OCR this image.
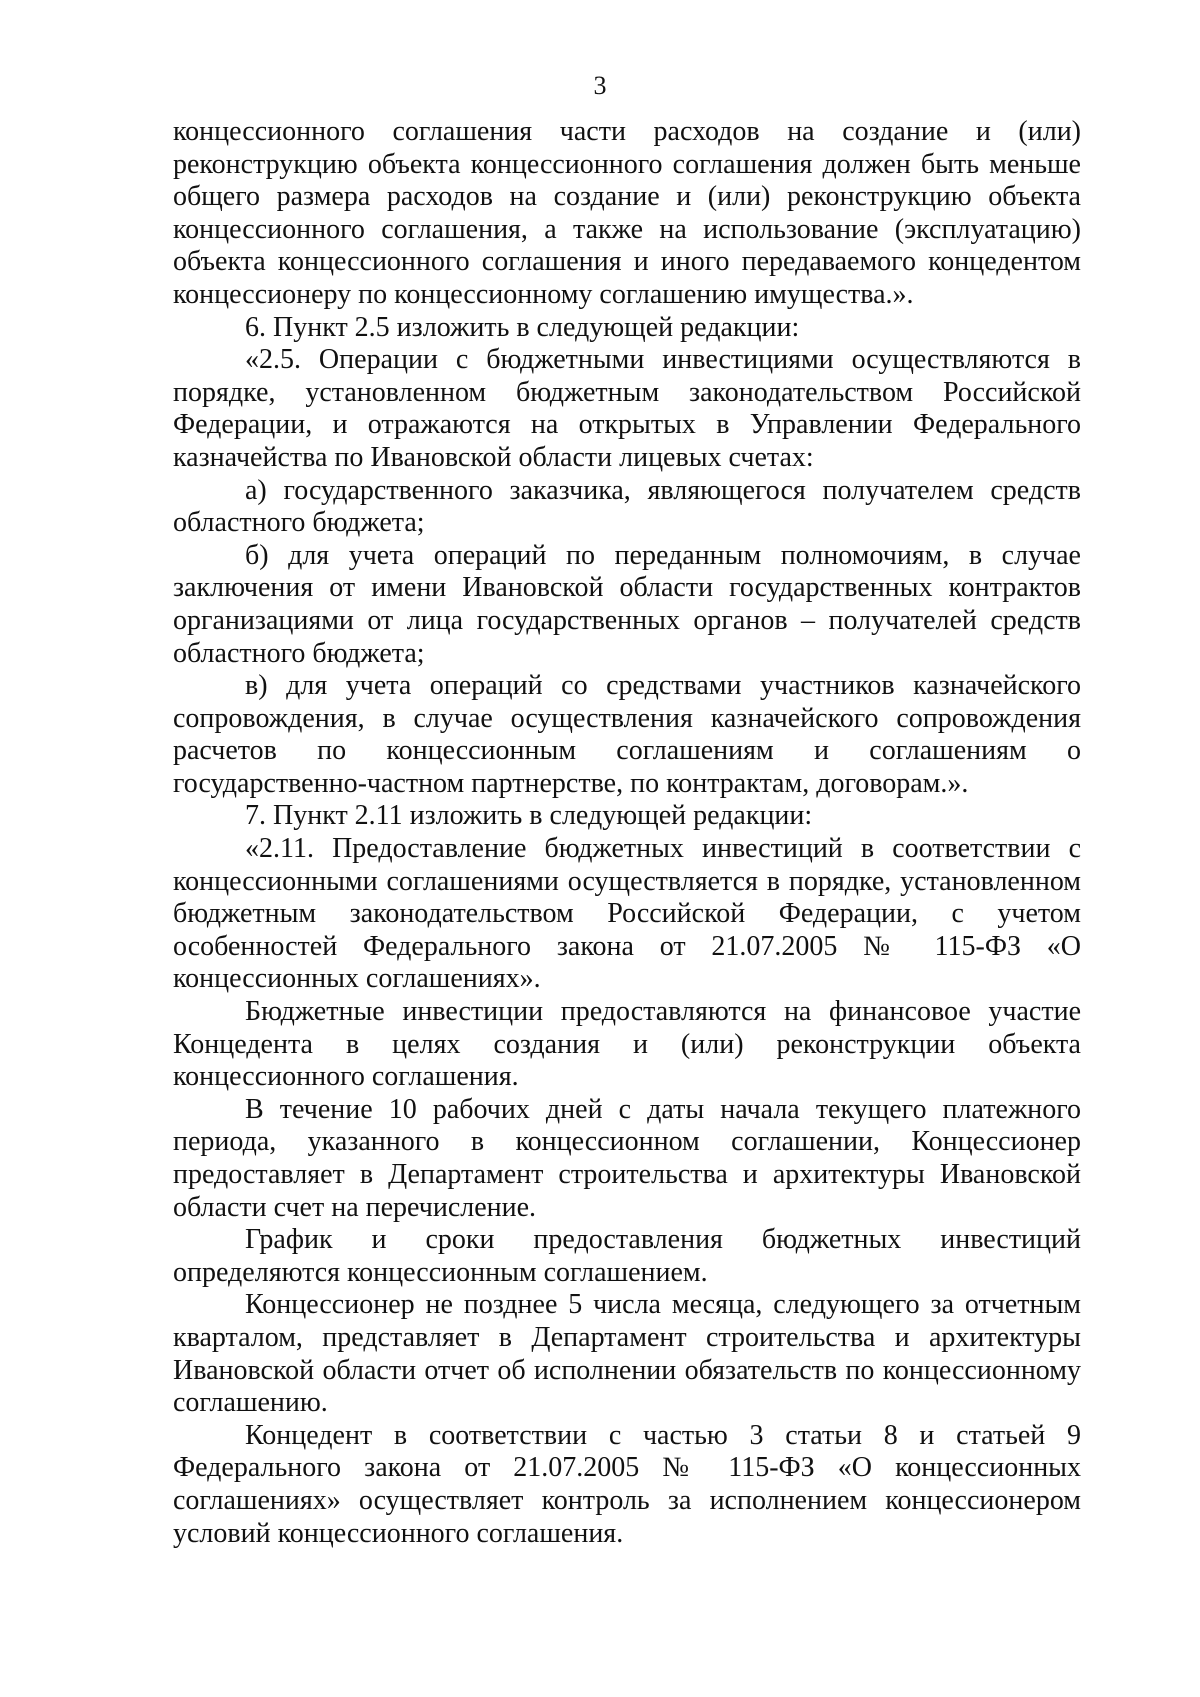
3

концессионного соглашения части расходов на создание и (или) реконструкцию объекта концессионного соглашения должен быть меньше общего размера расходов на создание и (или) реконструкцию объекта концессионного соглашения, а также на использование (эксплуатацию) объекта концессионного соглашения и иного передаваемого концедентом концессионеру по концессионному соглашению имущества.».

6. Пункт 2.5 изложить в следующей редакции:

«2.5. Операции с бюджетными инвестициями осуществляются в порядке, установленном бюджетным законодательством Российской Федерации, и отражаются на открытых в Управлении Федерального казначейства по Ивановской области лицевых счетах:

а) государственного заказчика, являющегося получателем средств областного бюджета;

б) для учета операций по переданным полномочиям, в случае заключения от имени Ивановской области государственных контрактов организациями от лица государственных органов – получателей средств областного бюджета;

в) для учета операций со средствами участников казначейского сопровождения, в случае осуществления казначейского сопровождения расчетов по концессионным соглашениям и соглашениям о государственно-частном партнерстве, по контрактам, договорам.».

7. Пункт 2.11 изложить в следующей редакции:

«2.11. Предоставление бюджетных инвестиций в соответствии с концессионными соглашениями осуществляется в порядке, установленном бюджетным законодательством Российской Федерации, с учетом особенностей Федерального закона от 21.07.2005 № 115-ФЗ «О концессионных соглашениях».

Бюджетные инвестиции предоставляются на финансовое участие Концедента в целях создания и (или) реконструкции объекта концессионного соглашения.

В течение 10 рабочих дней с даты начала текущего платежного периода, указанного в концессионном соглашении, Концессионер предоставляет в Департамент строительства и архитектуры Ивановской области счет на перечисление.

График и сроки предоставления бюджетных инвестиций определяются концессионным соглашением.

Концессионер не позднее 5 числа месяца, следующего за отчетным кварталом, представляет в Департамент строительства и архитектуры Ивановской области отчет об исполнении обязательств по концессионному соглашению.

Концедент в соответствии с частью 3 статьи 8 и статьей 9 Федерального закона от 21.07.2005 № 115-ФЗ «О концессионных соглашениях» осуществляет контроль за исполнением концессионером условий концессионного соглашения.
